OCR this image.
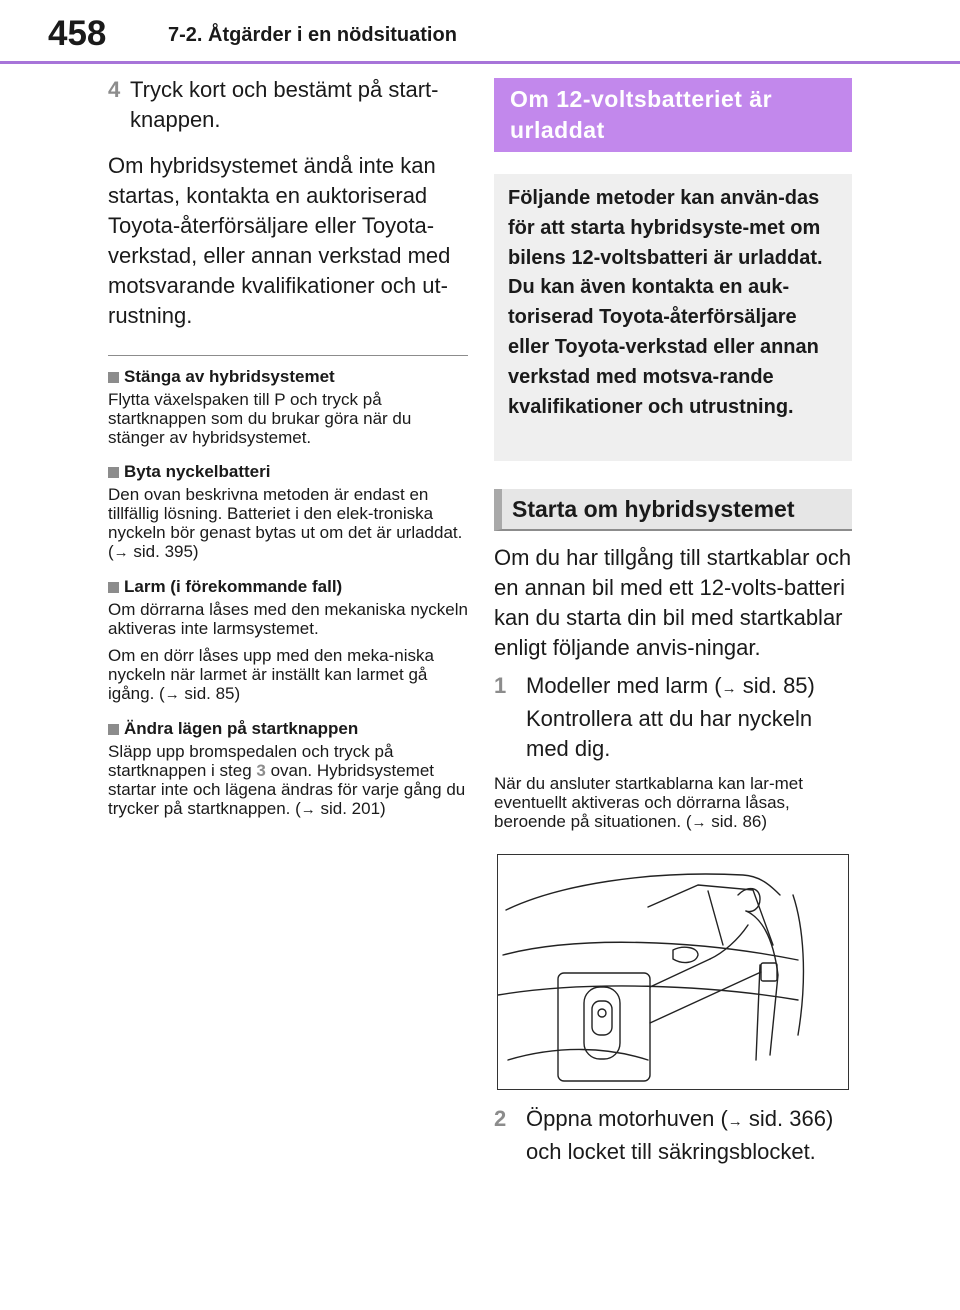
458	7-2. Åtgärder i en nödsituation
4 Tryck kort och bestämt på start-knappen.

Om hybridsystemet ändå inte kan startas, kontakta en auktoriserad Toyota-återförsäljare eller Toyota-verkstad, eller annan verkstad med motsvarande kvalifikationer och ut-rustning.

Stänga av hybridsystemet

Flytta växelspaken till P och tryck på startknappen som du brukar göra när du stänger av hybridsystemet.

Byta nyckelbatteri

Den ovan beskrivna metoden är endast en tillfällig lösning. Batteriet i den elek-troniska nyckeln bör genast bytas ut om det är urladdat. (→ sid. 395)

Larm (i förekommande fall)

Om dörrarna låses med den mekaniska nyckeln aktiveras inte larmsystemet.

Om en dörr låses upp med den meka-niska nyckeln när larmet är inställt kan larmet gå igång. (→ sid. 85)

Ändra lägen på startknappen

Släpp upp bromspedalen och tryck på startknappen i steg 3 ovan. Hybridsystemet startar inte och lägena ändras för varje gång du trycker på startknappen. (→ sid. 201)

Om 12-voltsbatteriet är urladdat
Följande metoder kan använ-das för att starta hybridsyste-met om bilens 12-voltsbatteri är urladdat. Du kan även kontakta en auk-toriserad Toyota-återförsäljare eller Toyota-verkstad eller annan verkstad med motsva-rande kvalifikationer och utrustning.
Starta om hybridsystemet

Om du har tillgång till startkablar och en annan bil med ett 12-volts-batteri kan du starta din bil med startkablar enligt följande anvis-ningar.

1 Modeller med larm (→ sid. 85)
Kontrollera att du har nyckeln med dig.

När du ansluter startkablarna kan lar-met eventuellt aktiveras och dörrarna låsas, beroende på situationen. (→ sid. 86)

2 Öppna motorhuven (→ sid. 366)
och locket till säkringsblocket.
